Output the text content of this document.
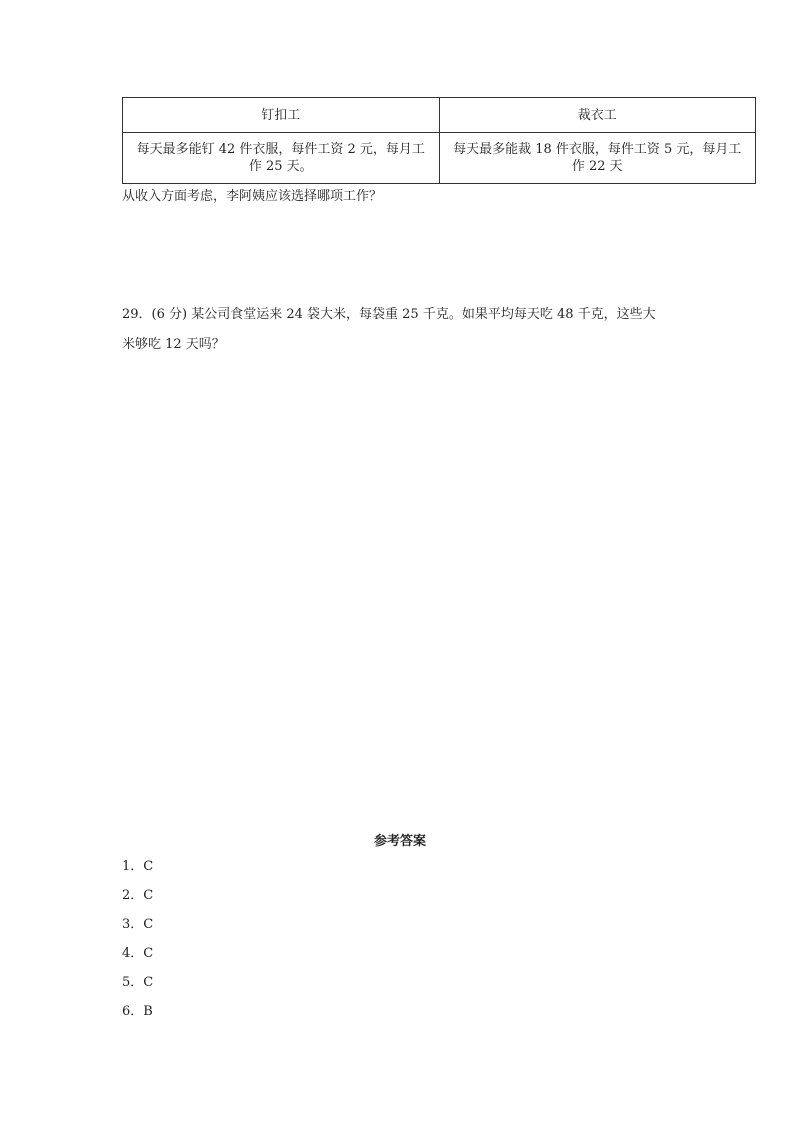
钉扣工	裁衣工
每天最多能钉 42 件衣服，每件工资 2 元，每月工作 25 天。	每天最多能裁 18 件衣服，每件工资 5 元，每月工作 22 天
从收入方面考虑，李阿姨应该选择哪项工作？
29．(6 分) 某公司食堂运来 24 袋大米，每袋重 25 千克。如果平均每天吃 48 千克，这些大
米够吃 12 天吗？
参考答案
1．C
2．C
3．C
4．C
5．C
6．B
